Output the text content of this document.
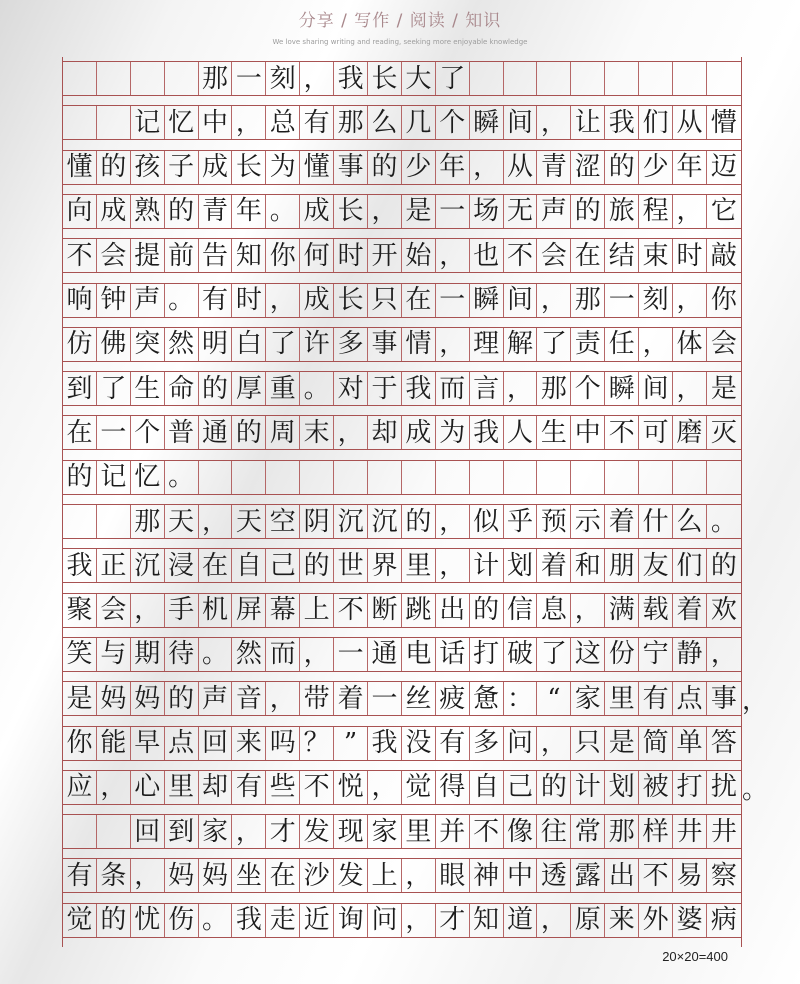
分享 / 写作 / 阅读 / 知识
We love sharing writing and reading, seeking more enjoyable knowledge
那 一 刻 ， 我 长 大 了
记 忆 中 ， 总 有 那 么 几 个 瞬 间 ， 让 我 们 从 懵
懂 的 孩 子 成 长 为 懂 事 的 少 年 ， 从 青 涩 的 少 年 迈
向 成 熟 的 青 年 。 成 长 ， 是 一 场 无 声 的 旅 程 ， 它
不 会 提 前 告 知 你 何 时 开 始 ， 也 不 会 在 结 束 时 敲
响 钟 声 。 有 时 ， 成 长 只 在 一 瞬 间 ， 那 一 刻 ， 你
仿 佛 突 然 明 白 了 许 多 事 情 ， 理 解 了 责 任 ， 体 会
到 了 生 命 的 厚 重 。 对 于 我 而 言 ， 那 个 瞬 间 ， 是
在 一 个 普 通 的 周 末 ， 却 成 为 我 人 生 中 不 可 磨 灭
的 记 忆 。
那 天 ， 天 空 阴 沉 沉 的 ， 似 乎 预 示 着 什 么 。
我 正 沉 浸 在 自 己 的 世 界 里 ， 计 划 着 和 朋 友 们 的
聚 会 ， 手 机 屏 幕 上 不 断 跳 出 的 信 息 ， 满 载 着 欢
笑 与 期 待 。 然 而 ， 一 通 电 话 打 破 了 这 份 宁 静 ，
是 妈 妈 的 声 音 ， 带 着 一 丝 疲 惫 ： “ 家 里 有 点 事
你 能 早 点 回 来 吗 ？ ” 我 没 有 多 问 ， 只 是 简 单 答
应 ， 心 里 却 有 些 不 悦 ， 觉 得 自 己 的 计 划 被 打 扰
回 到 家 ， 才 发 现 家 里 并 不 像 往 常 那 样 井 井
有 条 ， 妈 妈 坐 在 沙 发 上 ， 眼 神 中 透 露 出 不 易 察
觉 的 忧 伤 。 我 走 近 询 问 ， 才 知 道 ， 原 来 外 婆 病
，
。
20×20=400
